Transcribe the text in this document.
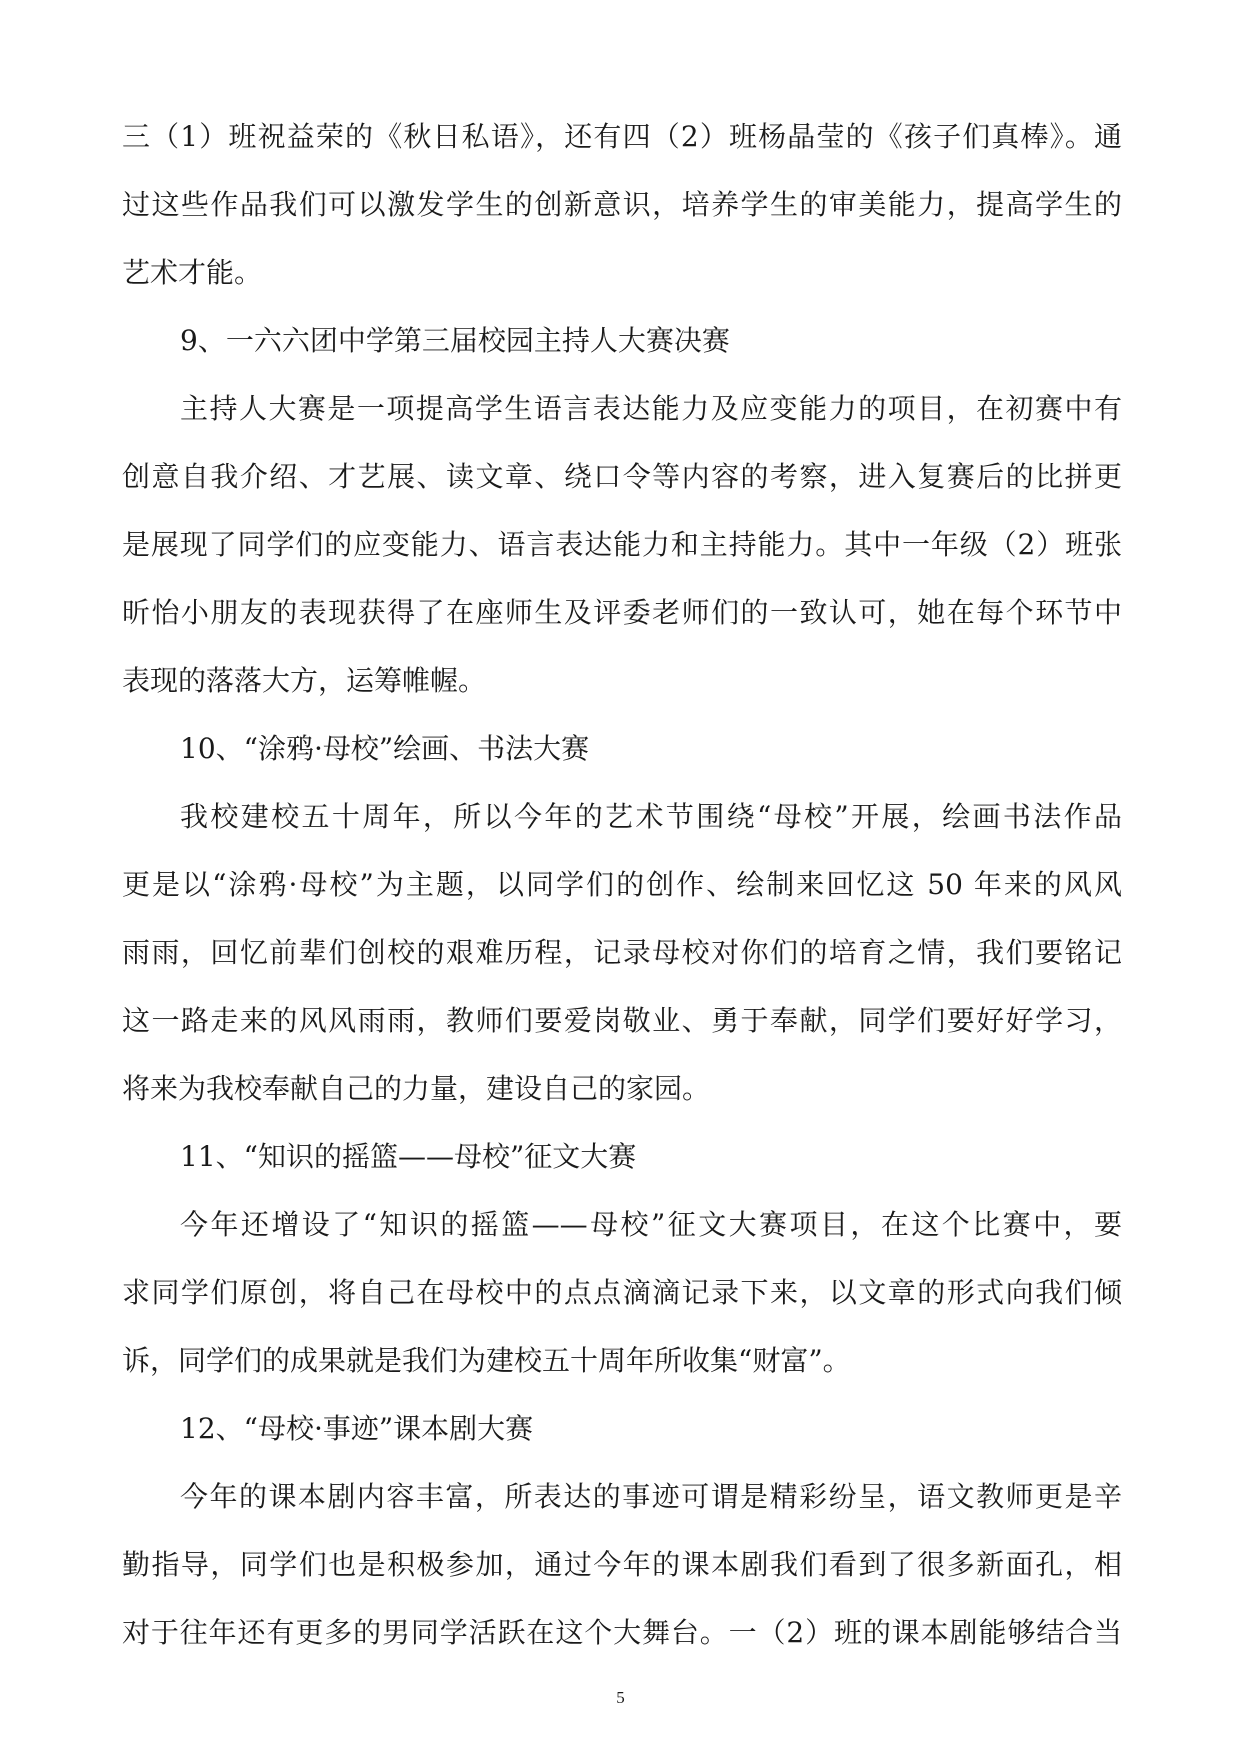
三（1）班祝益荣的《秋日私语》，还有四（2）班杨晶莹的《孩子们真棒》。通
过这些作品我们可以激发学生的创新意识，培养学生的审美能力，提高学生的
艺术才能。
9、一六六团中学第三届校园主持人大赛决赛
主持人大赛是一项提高学生语言表达能力及应变能力的项目，在初赛中有
创意自我介绍、才艺展、读文章、绕口令等内容的考察，进入复赛后的比拼更
是展现了同学们的应变能力、语言表达能力和主持能力。其中一年级（2）班张
昕怡小朋友的表现获得了在座师生及评委老师们的一致认可，她在每个环节中
表现的落落大方，运筹帷幄。
10、“涂鸦·母校”绘画、书法大赛
我校建校五十周年，所以今年的艺术节围绕“母校”开展，绘画书法作品
更是以“涂鸦·母校”为主题，以同学们的创作、绘制来回忆这 50 年来的风风
雨雨，回忆前辈们创校的艰难历程，记录母校对你们的培育之情，我们要铭记
这一路走来的风风雨雨，教师们要爱岗敬业、勇于奉献，同学们要好好学习，
将来为我校奉献自己的力量，建设自己的家园。
11、“知识的摇篮——母校”征文大赛
今年还增设了“知识的摇篮——母校”征文大赛项目，在这个比赛中，要
求同学们原创，将自己在母校中的点点滴滴记录下来，以文章的形式向我们倾
诉，同学们的成果就是我们为建校五十周年所收集“财富”。
12、“母校·事迹”课本剧大赛
今年的课本剧内容丰富，所表达的事迹可谓是精彩纷呈，语文教师更是辛
勤指导，同学们也是积极参加，通过今年的课本剧我们看到了很多新面孔，相
对于往年还有更多的男同学活跃在这个大舞台。一（2）班的课本剧能够结合当
5
